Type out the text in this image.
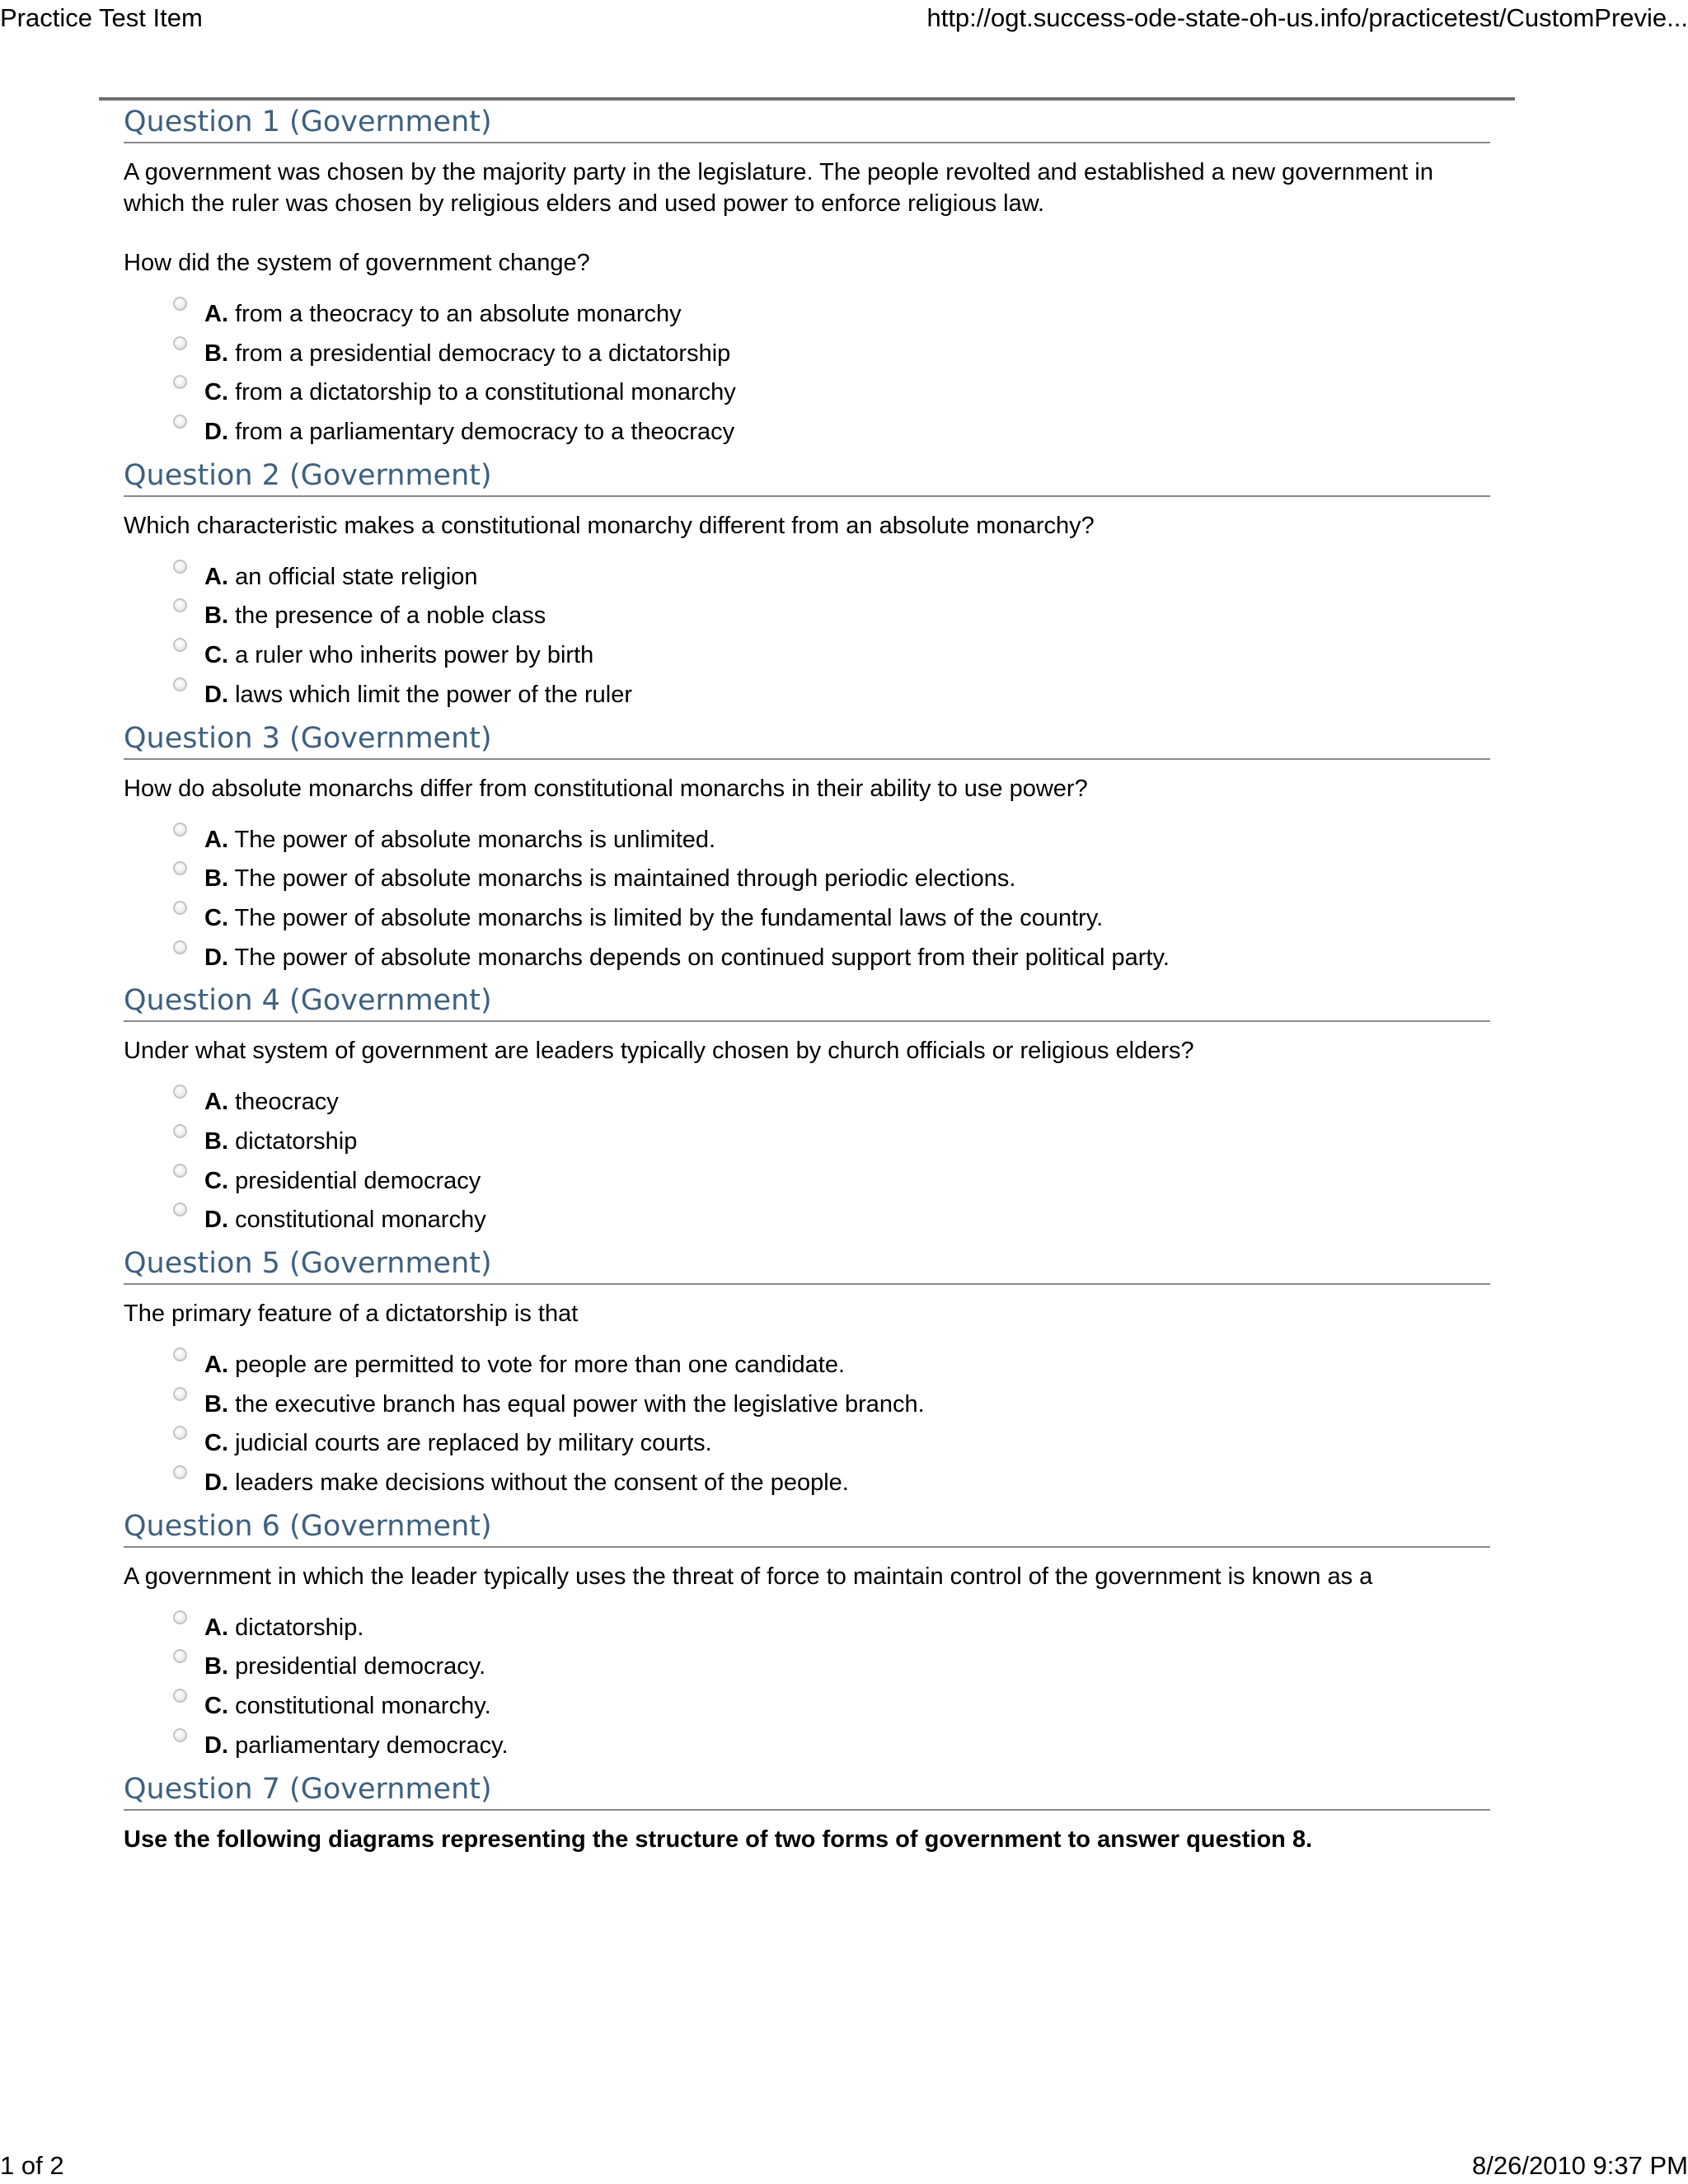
Practice Test Item	http://ogt.success-ode-state-oh-us.info/practicetest/CustomPrevie...
Question 1 (Government)
A government was chosen by the majority party in the legislature. The people revolted and established a new government in which the ruler was chosen by religious elders and used power to enforce religious law.
How did the system of government change?
A. from a theocracy to an absolute monarchy
B. from a presidential democracy to a dictatorship
C. from a dictatorship to a constitutional monarchy
D. from a parliamentary democracy to a theocracy
Question 2 (Government)
Which characteristic makes a constitutional monarchy different from an absolute monarchy?
A. an official state religion
B. the presence of a noble class
C. a ruler who inherits power by birth
D. laws which limit the power of the ruler
Question 3 (Government)
How do absolute monarchs differ from constitutional monarchs in their ability to use power?
A. The power of absolute monarchs is unlimited.
B. The power of absolute monarchs is maintained through periodic elections.
C. The power of absolute monarchs is limited by the fundamental laws of the country.
D. The power of absolute monarchs depends on continued support from their political party.
Question 4 (Government)
Under what system of government are leaders typically chosen by church officials or religious elders?
A. theocracy
B. dictatorship
C. presidential democracy
D. constitutional monarchy
Question 5 (Government)
The primary feature of a dictatorship is that
A. people are permitted to vote for more than one candidate.
B. the executive branch has equal power with the legislative branch.
C. judicial courts are replaced by military courts.
D. leaders make decisions without the consent of the people.
Question 6 (Government)
A government in which the leader typically uses the threat of force to maintain control of the government is known as a
A. dictatorship.
B. presidential democracy.
C. constitutional monarchy.
D. parliamentary democracy.
Question 7 (Government)
Use the following diagrams representing the structure of two forms of government to answer question 8.
1 of 2	8/26/2010 9:37 PM
